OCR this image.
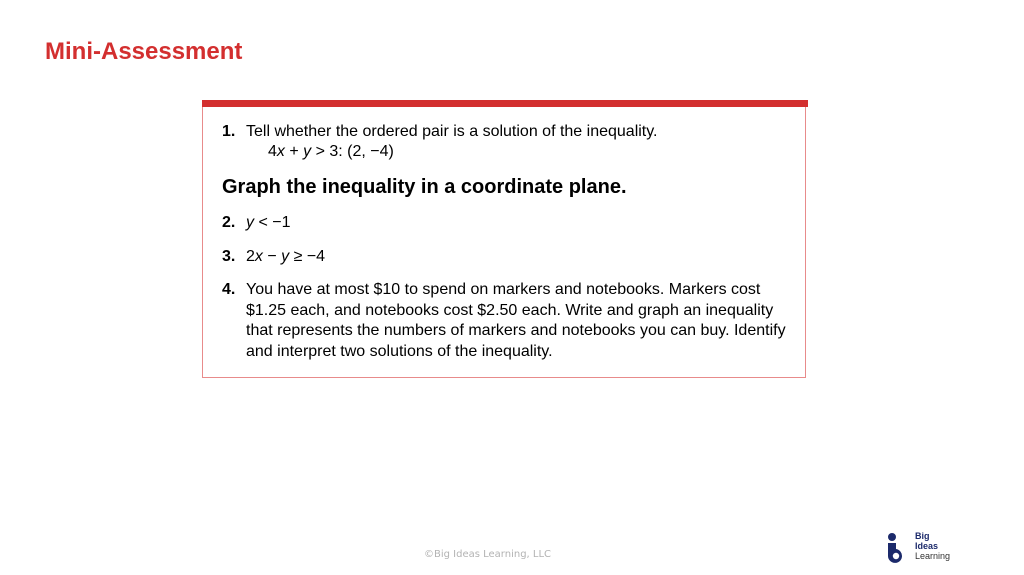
Mini-Assessment
1. Tell whether the ordered pair is a solution of the inequality.
4x + y > 3: (2, −4)
Graph the inequality in a coordinate plane.
2. y < −1
3. 2x − y ≥ −4
4. You have at most $10 to spend on markers and notebooks. Markers cost $1.25 each, and notebooks cost $2.50 each. Write and graph an inequality that represents the numbers of markers and notebooks you can buy. Identify and interpret two solutions of the inequality.
©Big Ideas Learning, LLC
Big
Ideas
Learning
